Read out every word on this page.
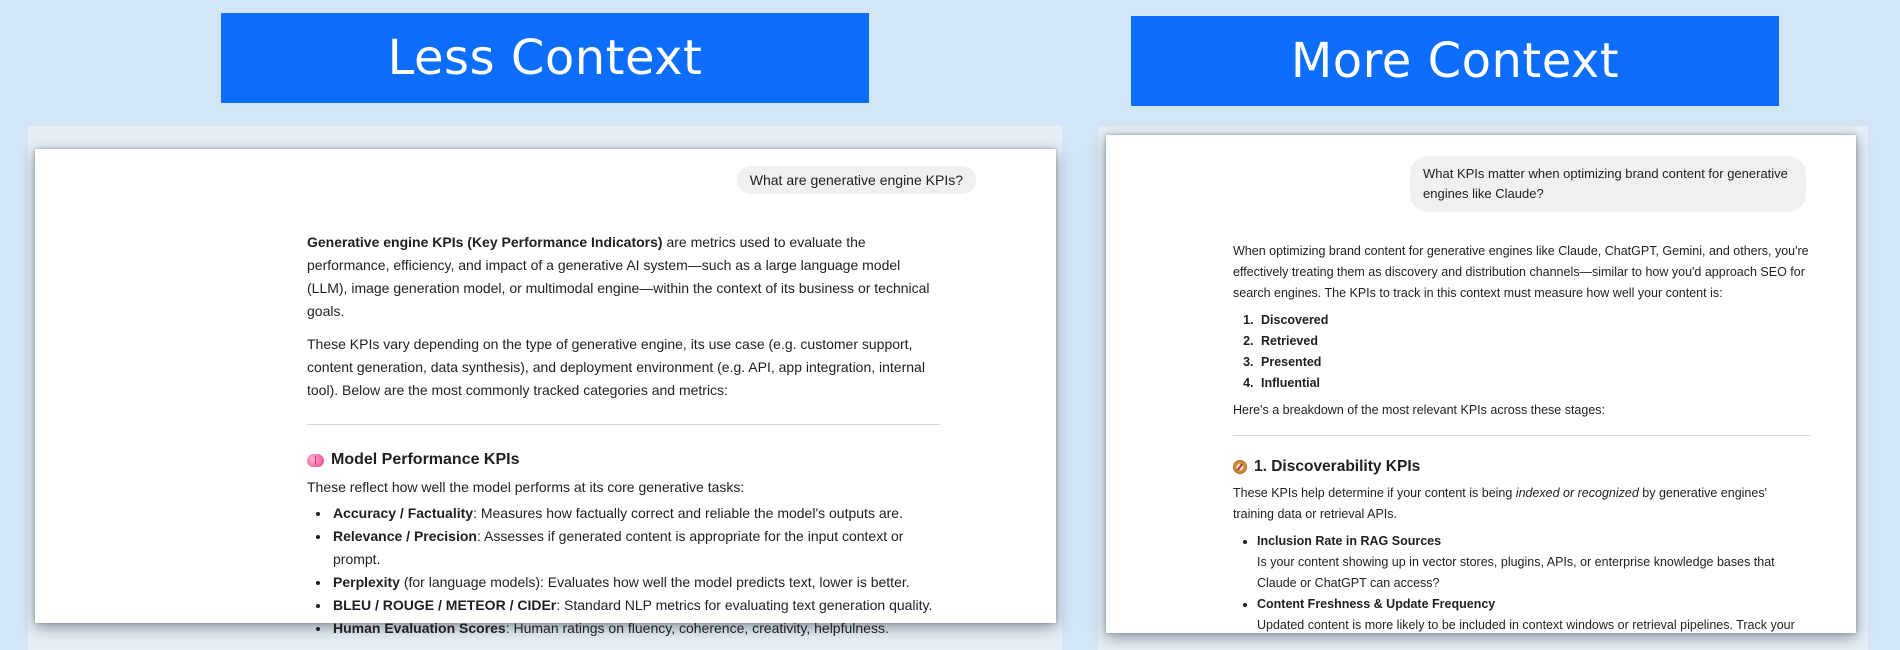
Less Context	More Context
What are generative engine KPIs?

Generative engine KPIs (Key Performance Indicators) are metrics used to evaluate the performance, efficiency, and impact of a generative AI system—such as a large language model (LLM), image generation model, or multimodal engine—within the context of its business or technical goals.

These KPIs vary depending on the type of generative engine, its use case (e.g. customer support, content generation, data synthesis), and deployment environment (e.g. API, app integration, internal tool). Below are the most commonly tracked categories and metrics:

Model Performance KPIs

These reflect how well the model performs at its core generative tasks:

• Accuracy / Factuality: Measures how factually correct and reliable the model's outputs are.
• Relevance / Precision: Assesses if generated content is appropriate for the input context or prompt.
• Perplexity (for language models): Evaluates how well the model predicts text, lower is better.
• BLEU / ROUGE / METEOR / CIDEr: Standard NLP metrics for evaluating text generation quality.
• Human Evaluation Scores: Human ratings on fluency, coherence, creativity, helpfulness.
What KPIs matter when optimizing brand content for generative engines like Claude?

When optimizing brand content for generative engines like Claude, ChatGPT, Gemini, and others, you're effectively treating them as discovery and distribution channels—similar to how you'd approach SEO for search engines. The KPIs to track in this context must measure how well your content is:

1. Discovered
2. Retrieved
3. Presented
4. Influential

Here's a breakdown of the most relevant KPIs across these stages:

1. Discoverability KPIs

These KPIs help determine if your content is being indexed or recognized by generative engines' training data or retrieval APIs.

• Inclusion Rate in RAG Sources
Is your content showing up in vector stores, plugins, APIs, or enterprise knowledge bases that Claude or ChatGPT can access?
• Content Freshness & Update Frequency
Updated content is more likely to be included in context windows or retrieval pipelines. Track your
